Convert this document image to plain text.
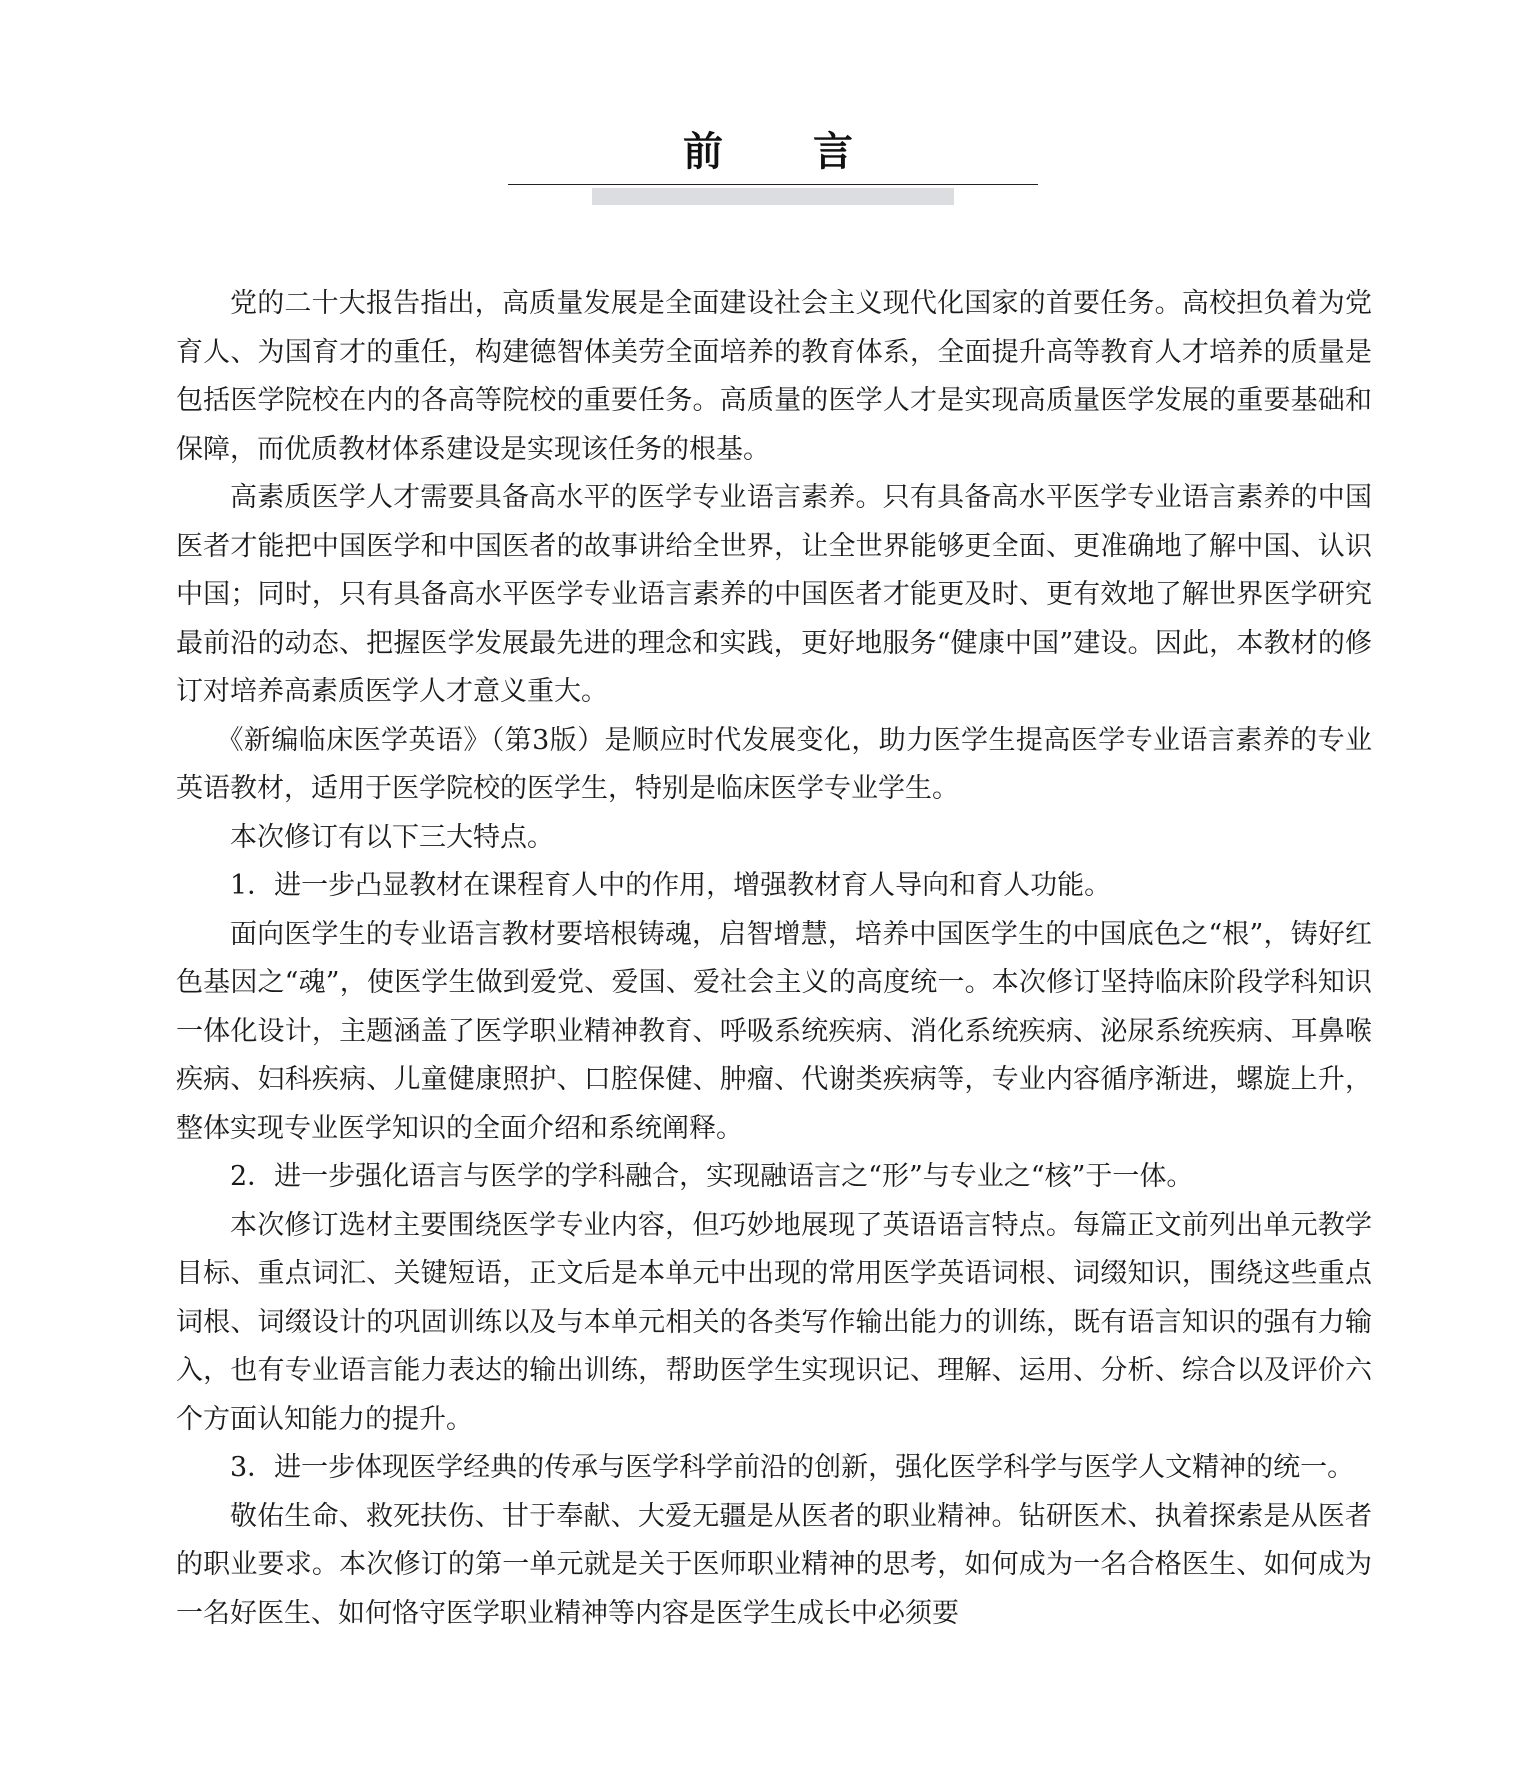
前言

党的二十大报告指出，高质量发展是全面建设社会主义现代化国家的首要任务。高校担负着为党育人、为国育才的重任，构建德智体美劳全面培养的教育体系，全面提升高等教育人才培养的质量是包括医学院校在内的各高等院校的重要任务。高质量的医学人才是实现高质量医学发展的重要基础和保障，而优质教材体系建设是实现该任务的根基。

高素质医学人才需要具备高水平的医学专业语言素养。只有具备高水平医学专业语言素养的中国医者才能把中国医学和中国医者的故事讲给全世界，让全世界能够更全面、更准确地了解中国、认识中国；同时，只有具备高水平医学专业语言素养的中国医者才能更及时、更有效地了解世界医学研究最前沿的动态、把握医学发展最先进的理念和实践，更好地服务“健康中国”建设。因此，本教材的修订对培养高素质医学人才意义重大。

《新编临床医学英语》（第3版）是顺应时代发展变化，助力医学生提高医学专业语言素养的专业英语教材，适用于医学院校的医学生，特别是临床医学专业学生。

本次修订有以下三大特点。

1．进一步凸显教材在课程育人中的作用，增强教材育人导向和育人功能。

面向医学生的专业语言教材要培根铸魂，启智增慧，培养中国医学生的中国底色之“根”，铸好红色基因之“魂”，使医学生做到爱党、爱国、爱社会主义的高度统一。本次修订坚持临床阶段学科知识一体化设计，主题涵盖了医学职业精神教育、呼吸系统疾病、消化系统疾病、泌尿系统疾病、耳鼻喉疾病、妇科疾病、儿童健康照护、口腔保健、肿瘤、代谢类疾病等，专业内容循序渐进，螺旋上升，整体实现专业医学知识的全面介绍和系统阐释。

2．进一步强化语言与医学的学科融合，实现融语言之“形”与专业之“核”于一体。

本次修订选材主要围绕医学专业内容，但巧妙地展现了英语语言特点。每篇正文前列出单元教学目标、重点词汇、关键短语，正文后是本单元中出现的常用医学英语词根、词缀知识，围绕这些重点词根、词缀设计的巩固训练以及与本单元相关的各类写作输出能力的训练，既有语言知识的强有力输入，也有专业语言能力表达的输出训练，帮助医学生实现识记、理解、运用、分析、综合以及评价六个方面认知能力的提升。

3．进一步体现医学经典的传承与医学科学前沿的创新，强化医学科学与医学人文精神的统一。

敬佑生命、救死扶伤、甘于奉献、大爱无疆是从医者的职业精神。钻研医术、执着探索是从医者的职业要求。本次修订的第一单元就是关于医师职业精神的思考，如何成为一名合格医生、如何成为一名好医生、如何恪守医学职业精神等内容是医学生成长中必须要
